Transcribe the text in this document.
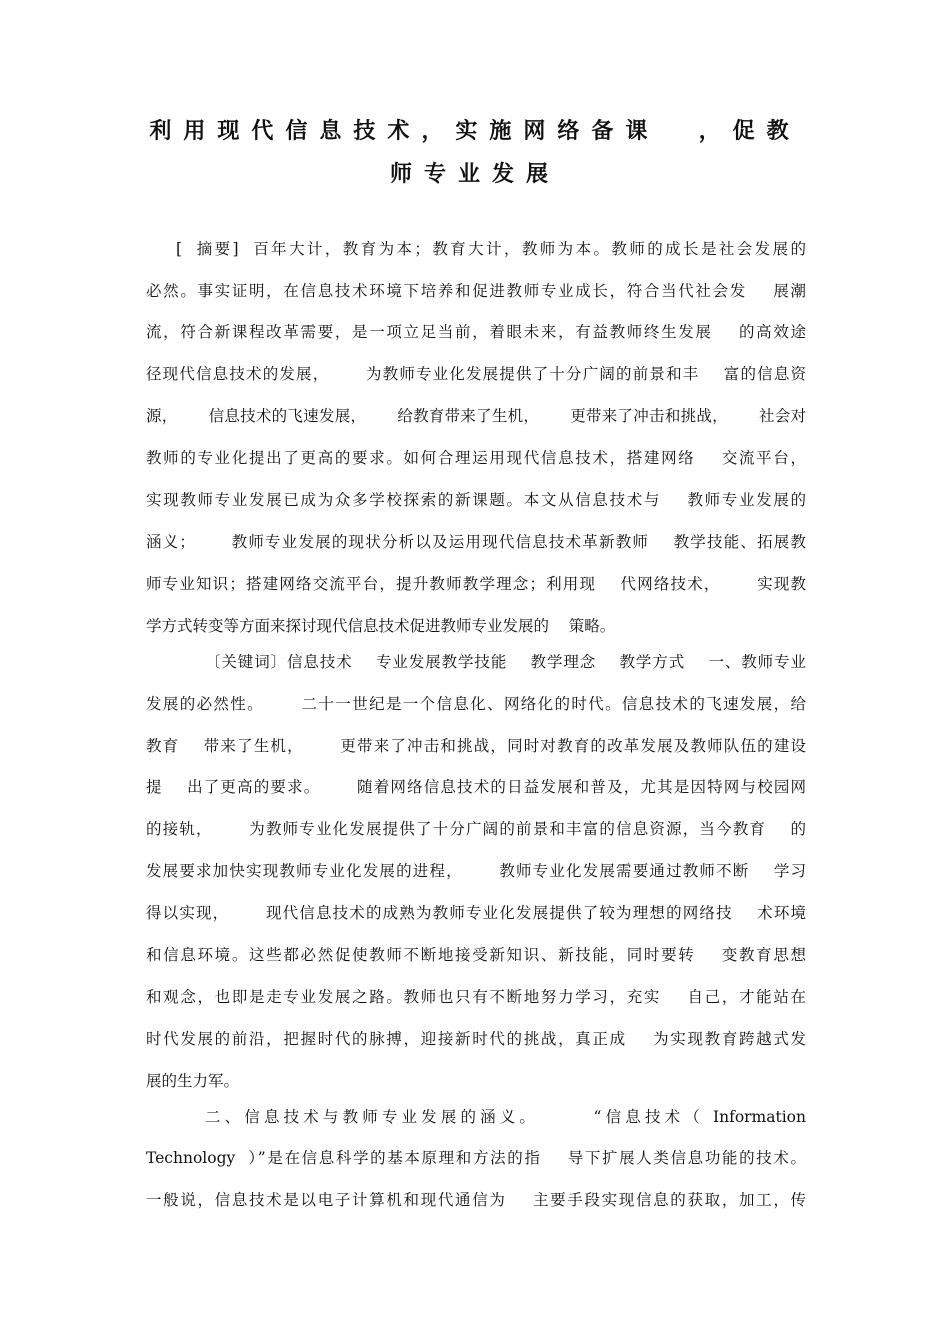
利用现代信息技术，实施网络备课  ，促教
师专业发展
[  摘要]  百年大计，教育为本；教育大计，教师为本。教师的成长是社会发展的
必然。事实证明，在信息技术环境下培养和促进教师专业成长，符合当代社会发    展潮
流，符合新课程改革需要，是一项立足当前，着眼未来，有益教师终生发展    的高效途
径现代信息技术的发展，      为教师专业化发展提供了十分广阔的前景和丰    富的信息资
源，      信息技术的飞速发展，      给教育带来了生机，      更带来了冲击和挑战，      社会对
教师的专业化提出了更高的要求。如何合理运用现代信息技术，搭建网络    交流平台，
实现教师专业发展已成为众多学校探索的新课题。本文从信息技术与    教师专业发展的
涵义；      教师专业发展的现状分析以及运用现代信息技术革新教师    教学技能、拓展教
师专业知识；搭建网络交流平台，提升教师教学理念；利用现    代网络技术，      实现教
学方式转变等方面来探讨现代信息技术促进教师专业发展的    策略。
〔关键词〕信息技术    专业发展教学技能    教学理念    教学方式    一、教师专业
发展的必然性。      二十一世纪是一个信息化、网络化的时代。信息技术的飞速发展，给
教育    带来了生机，      更带来了冲击和挑战，同时对教育的改革发展及教师队伍的建设
提    出了更高的要求。      随着网络信息技术的日益发展和普及，尤其是因特网与校园网
的接轨，      为教师专业化发展提供了十分广阔的前景和丰富的信息资源，当今教育    的
发展要求加快实现教师专业化发展的进程，      教师专业化发展需要通过教师不断    学习
得以实现，      现代信息技术的成熟为教师专业化发展提供了较为理想的网络技    术环境
和信息环境。这些都必然促使教师不断地接受新知识、新技能，同时要转    变教育思想
和观念，也即是走专业发展之路。教师也只有不断地努力学习，充实    自己，才能站在
时代发展的前沿，把握时代的脉搏，迎接新时代的挑战，真正成    为实现教育跨越式发
展的生力军。
二、信息技术与教师专业发展的涵义。      “信息技术（ Information
Technology  ）”是在信息科学的基本原理和方法的指    导下扩展人类信息功能的技术。
一般说，信息技术是以电子计算机和现代通信为    主要手段实现信息的获取，加工，传
